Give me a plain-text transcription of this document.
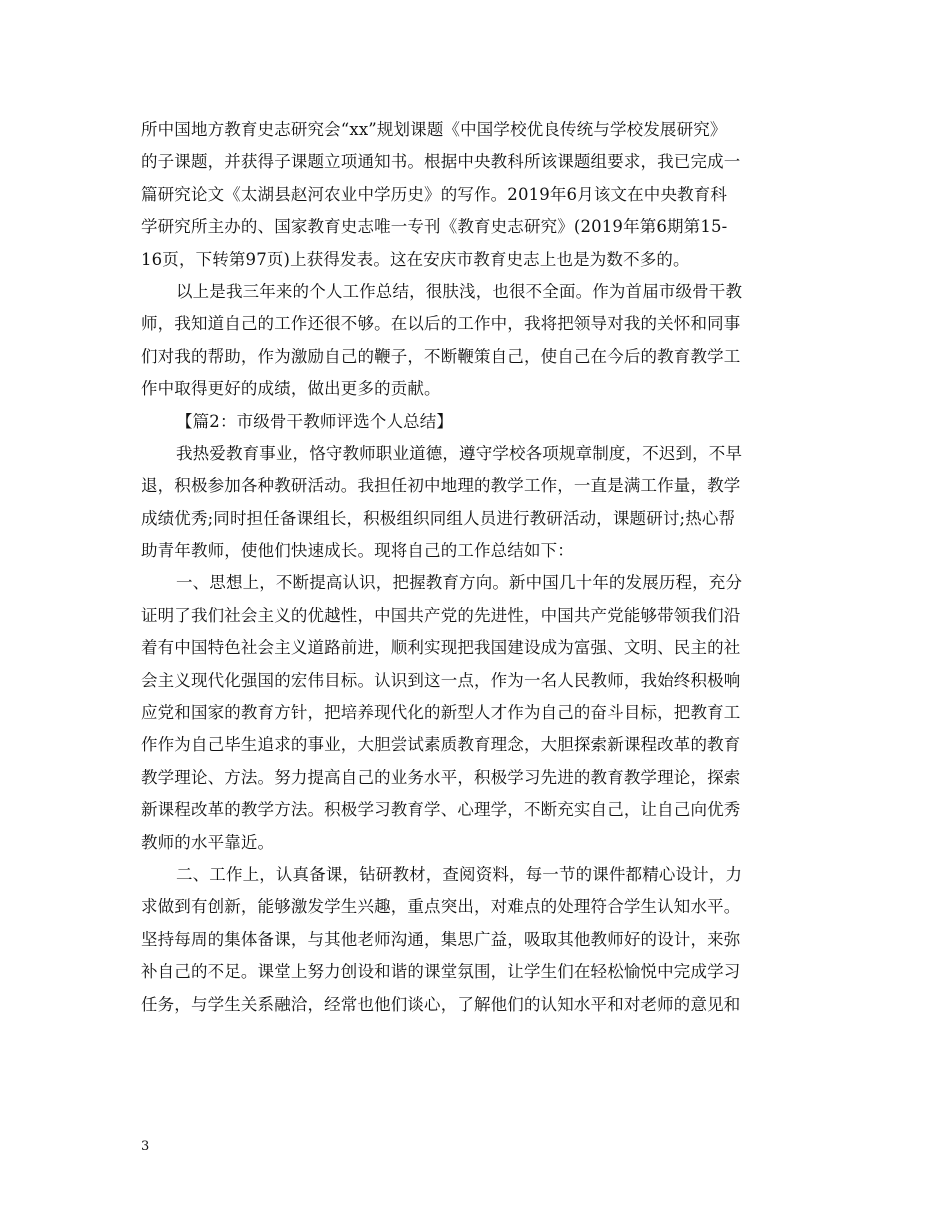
所中国地方教育史志研究会“xx”规划课题《中国学校优良传统与学校发展研究》
的子课题，并获得子课题立项通知书。根据中央教科所该课题组要求，我已完成一
篇研究论文《太湖县赵河农业中学历史》的写作。2019年6月该文在中央教育科
学研究所主办的、国家教育史志唯一专刊《教育史志研究》(2019年第6期第15-
16页，下转第97页)上获得发表。这在安庆市教育史志上也是为数不多的。
以上是我三年来的个人工作总结，很肤浅，也很不全面。作为首届市级骨干教
师，我知道自己的工作还很不够。在以后的工作中，我将把领导对我的关怀和同事
们对我的帮助，作为激励自己的鞭子，不断鞭策自己，使自己在今后的教育教学工
作中取得更好的成绩，做出更多的贡献。
【篇2：市级骨干教师评选个人总结】
我热爱教育事业，恪守教师职业道德，遵守学校各项规章制度，不迟到，不早
退，积极参加各种教研活动。我担任初中地理的教学工作，一直是满工作量，教学
成绩优秀;同时担任备课组长，积极组织同组人员进行教研活动，课题研讨;热心帮
助青年教师，使他们快速成长。现将自己的工作总结如下：
一、思想上，不断提高认识，把握教育方向。新中国几十年的发展历程，充分
证明了我们社会主义的优越性，中国共产党的先进性，中国共产党能够带领我们沿
着有中国特色社会主义道路前进，顺利实现把我国建设成为富强、文明、民主的社
会主义现代化强国的宏伟目标。认识到这一点，作为一名人民教师，我始终积极响
应党和国家的教育方针，把培养现代化的新型人才作为自己的奋斗目标，把教育工
作作为自己毕生追求的事业，大胆尝试素质教育理念，大胆探索新课程改革的教育
教学理论、方法。努力提高自己的业务水平，积极学习先进的教育教学理论，探索
新课程改革的教学方法。积极学习教育学、心理学，不断充实自己，让自己向优秀
教师的水平靠近。
二、工作上，认真备课，钻研教材，查阅资料，每一节的课件都精心设计，力
求做到有创新，能够激发学生兴趣，重点突出，对难点的处理符合学生认知水平。
坚持每周的集体备课，与其他老师沟通，集思广益，吸取其他教师好的设计，来弥
补自己的不足。课堂上努力创设和谐的课堂氛围，让学生们在轻松愉悦中完成学习
任务，与学生关系融洽，经常也他们谈心，了解他们的认知水平和对老师的意见和
3
